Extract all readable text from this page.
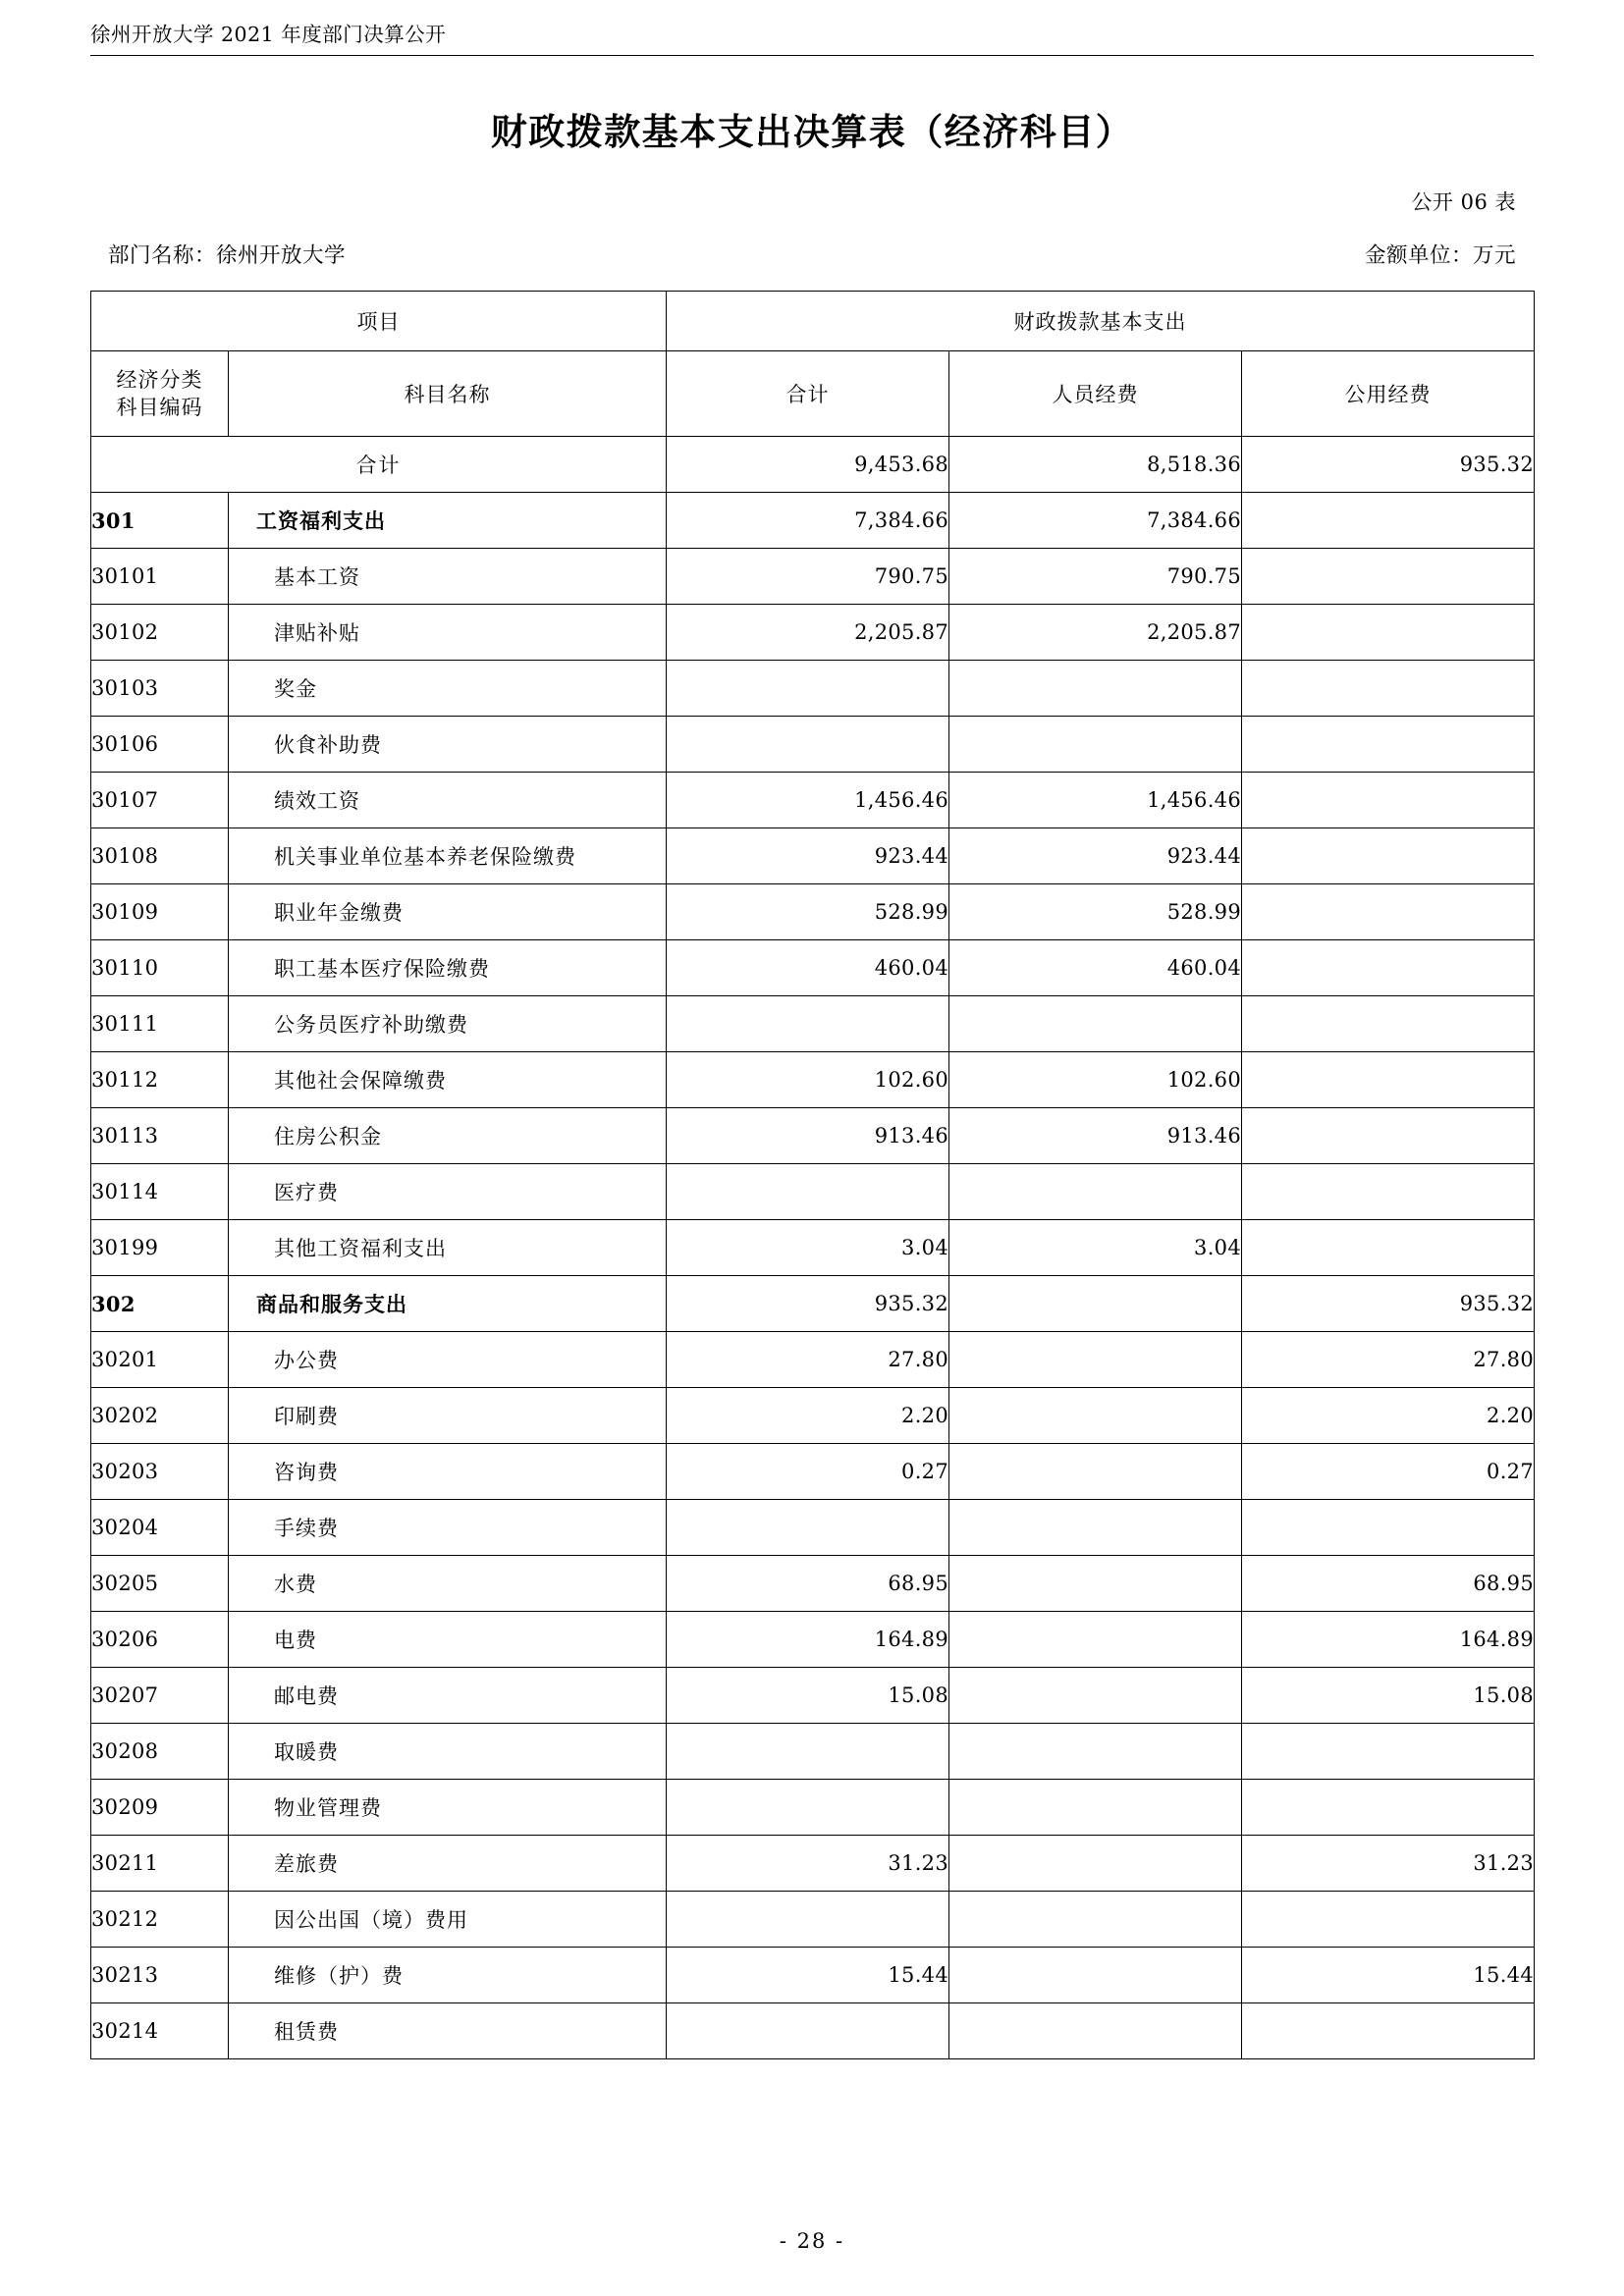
徐州开放大学 2021 年度部门决算公开
财政拨款基本支出决算表（经济科目）
公开 06 表
部门名称：徐州开放大学	金额单位：万元
项目		财政拨款基本支出		

经济分类
科目编码	科目名称	合计	人员经费	公用经费
合计		9,453.68	8,518.36	935.32
301	工资福利支出	7,384.66	7,384.66	
30101	基本工资	790.75	790.75	
30102	津贴补贴	2,205.87	2,205.87	
30103	奖金			
30106	伙食补助费			
30107	绩效工资	1,456.46	1,456.46	
30108	机关事业单位基本养老保险缴费	923.44	923.44	
30109	职业年金缴费	528.99	528.99	
30110	职工基本医疗保险缴费	460.04	460.04	
30111	公务员医疗补助缴费			
30112	其他社会保障缴费	102.60	102.60	
30113	住房公积金	913.46	913.46	
30114	医疗费			
30199	其他工资福利支出	3.04	3.04	
302	商品和服务支出	935.32		935.32
30201	办公费	27.80		27.80
30202	印刷费	2.20		2.20
30203	咨询费	0.27		0.27
30204	手续费			
30205	水费	68.95		68.95
30206	电费	164.89		164.89
30207	邮电费	15.08		15.08
30208	取暖费			
30209	物业管理费			
30211	差旅费	31.23		31.23
30212	因公出国（境）费用			
30213	维修（护）费	15.44		15.44
30214	租赁费			
- 28 -
